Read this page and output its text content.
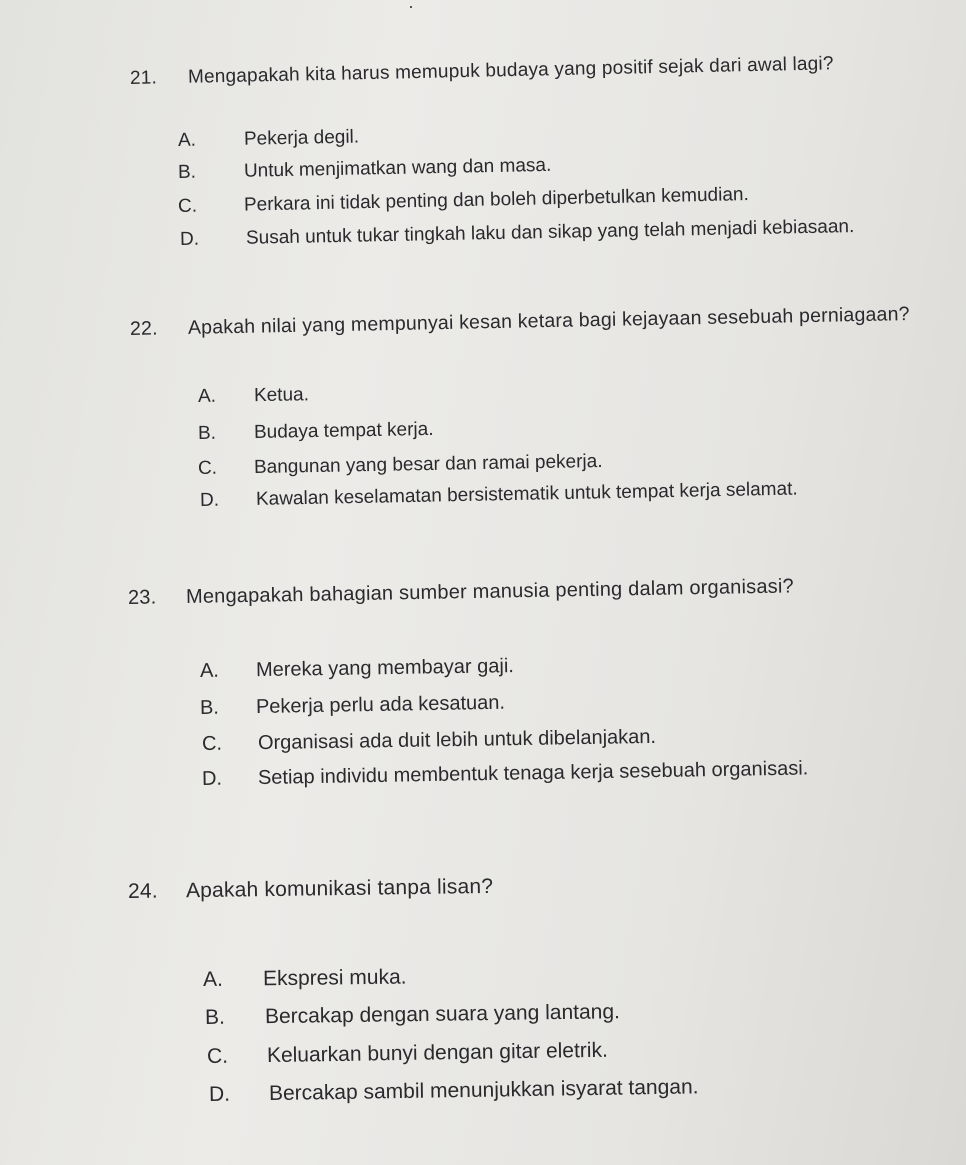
21. Mengapakah kita harus memupuk budaya yang positif sejak dari awal lagi?
A.	Pekerja degil.
B.	Untuk menjimatkan wang dan masa.
C. Perkara ini tidak penting dan boleh diperbetulkan kemudian.
D. Susah untuk tukar tingkah laku dan sikap yang telah menjadi kebiasaan.
22. Apakah nilai yang mempunyai kesan ketara bagi kejayaan sesebuah perniagaan?
A. Ketua.
B. Budaya tempat kerja.
C. Bangunan yang besar dan ramai pekerja.
D. Kawalan keselamatan bersistematik untuk tempat kerja selamat.
23. Mengapakah bahagian sumber manusia penting dalam organisasi?
A. Mereka yang membayar gaji.
B. Pekerja perlu ada kesatuan.
C. Organisasi ada duit lebih untuk dibelanjakan.
D. Setiap individu membentuk tenaga kerja sesebuah organisasi.
24. Apakah komunikasi tanpa lisan?
A. Ekspresi muka.
B. Bercakap dengan suara yang lantang.
C. Keluarkan bunyi dengan gitar eletrik.
D. Bercakap sambil menunjukkan isyarat tangan.
